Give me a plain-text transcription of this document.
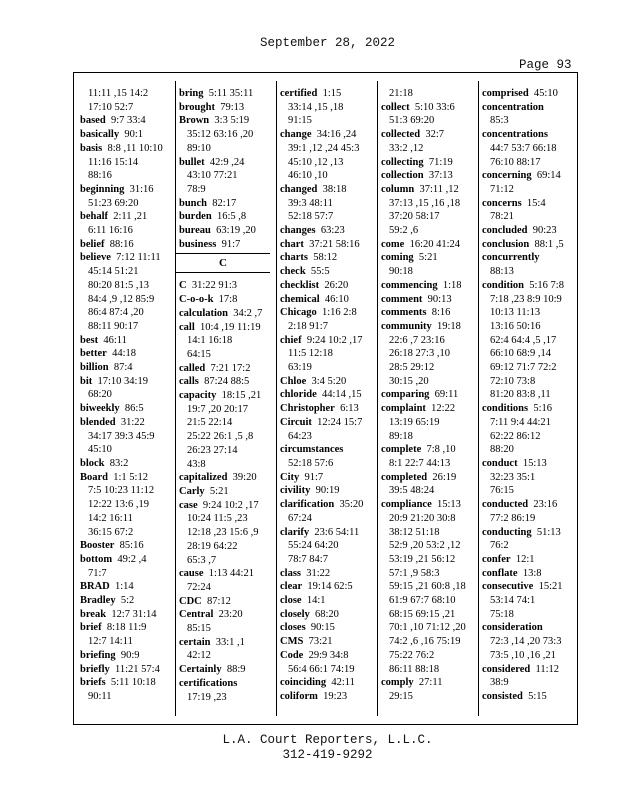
September 28, 2022
Page 93
11:11 ,15 14:2
17:10 52:7
based 9:7 33:4
basically 90:1
basis 8:8 ,11 10:10
11:16 15:14
88:16
beginning 31:16
51:23 69:20
behalf 2:11 ,21
6:11 16:16
belief 88:16
believe 7:12 11:11
45:14 51:21
80:20 81:5 ,13
84:4 ,9 ,12 85:9
86:4 87:4 ,20
88:11 90:17
best 46:11
better 44:18
billion 87:4
bit 17:10 34:19
68:20
biweekly 86:5
blended 31:22
34:17 39:3 45:9
45:10
block 83:2
Board 1:1 5:12
7:5 10:23 11:12
12:22 13:6 ,19
14:2 16:11
36:15 67:2
Booster 85:16
bottom 49:2 ,4
71:7
BRAD 1:14
Bradley 5:2
break 12:7 31:14
brief 8:18 11:9
12:7 14:11
briefing 90:9
briefly 11:21 57:4
briefs 5:11 10:18
90:11
bring 5:11 35:11
brought 79:13
Brown 3:3 5:19
35:12 63:16 ,20
89:10
bullet 42:9 ,24
43:10 77:21
78:9
bunch 82:17
burden 16:5 ,8
bureau 63:19 ,20
business 91:7
C
C 31:22 91:3
C-o-o-k 17:8
calculation 34:2 ,7
call 10:4 ,19 11:19
14:1 16:18
64:15
called 7:21 17:2
calls 87:24 88:5
capacity 18:15 ,21
19:7 ,20 20:17
21:5 22:14
25:22 26:1 ,5 ,8
26:23 27:14
43:8
capitalized 39:20
Carly 5:21
case 9:24 10:2 ,17
10:24 11:5 ,23
12:18 ,23 15:6 ,9
28:19 64:22
65:3 ,7
cause 1:13 44:21
72:24
CDC 87:12
Central 23:20
85:15
certain 33:1 ,1
42:12
Certainly 88:9
certifications
17:19 ,23
certified 1:15
33:14 ,15 ,18
91:15
change 34:16 ,24
39:1 ,12 ,24 45:3
45:10 ,12 ,13
46:10 ,10
changed 38:18
39:3 48:11
52:18 57:7
changes 63:23
chart 37:21 58:16
charts 58:12
check 55:5
checklist 26:20
chemical 46:10
Chicago 1:16 2:8
2:18 91:7
chief 9:24 10:2 ,17
11:5 12:18
63:19
Chloe 3:4 5:20
chloride 44:14 ,15
Christopher 6:13
Circuit 12:24 15:7
64:23
circumstances
52:18 57:6
City 91:7
civility 90:19
clarification 35:20
67:24
clarify 23:6 54:11
55:24 64:20
78:7 84:7
class 31:22
clear 19:14 62:5
close 14:1
closely 68:20
closes 90:15
CMS 73:21
Code 29:9 34:8
56:4 66:1 74:19
coinciding 42:11
coliform 19:23
21:18
collect 5:10 33:6
51:3 69:20
collected 32:7
33:2 ,12
collecting 71:19
collection 37:13
column 37:11 ,12
37:13 ,15 ,16 ,18
37:20 58:17
59:2 ,6
come 16:20 41:24
coming 5:21
90:18
commencing 1:18
comment 90:13
comments 8:16
community 19:18
22:6 ,7 23:16
26:18 27:3 ,10
28:5 29:12
30:15 ,20
comparing 69:11
complaint 12:22
13:19 65:19
89:18
complete 7:8 ,10
8:1 22:7 44:13
completed 26:19
39:5 48:24
compliance 15:13
20:9 21:20 30:8
38:12 51:18
52:9 ,20 53:2 ,12
53:19 ,21 56:12
57:1 ,9 58:3
59:15 ,21 60:8 ,18
61:9 67:7 68:10
68:15 69:15 ,21
70:1 ,10 71:12 ,20
74:2 ,6 ,16 75:19
75:22 76:2
86:11 88:18
comply 27:11
29:15
comprised 45:10
concentration
85:3
concentrations
44:7 53:7 66:18
76:10 88:17
concerning 69:14
71:12
concerns 15:4
78:21
concluded 90:23
conclusion 88:1 ,5
concurrently
88:13
condition 5:16 7:8
7:18 ,23 8:9 10:9
10:13 11:13
13:16 50:16
62:4 64:4 ,5 ,17
66:10 68:9 ,14
69:12 71:7 72:2
72:10 73:8
81:20 83:8 ,11
conditions 5:16
7:11 9:4 44:21
62:22 86:12
88:20
conduct 15:13
32:23 35:1
76:15
conducted 23:16
77:2 86:19
conducting 51:13
76:2
confer 12:1
conflate 13:8
consecutive 15:21
53:14 74:1
75:18
consideration
72:3 ,14 ,20 73:3
73:5 ,10 ,16 ,21
considered 11:12
38:9
consisted 5:15
L.A. Court Reporters, L.L.C.
312-419-9292
